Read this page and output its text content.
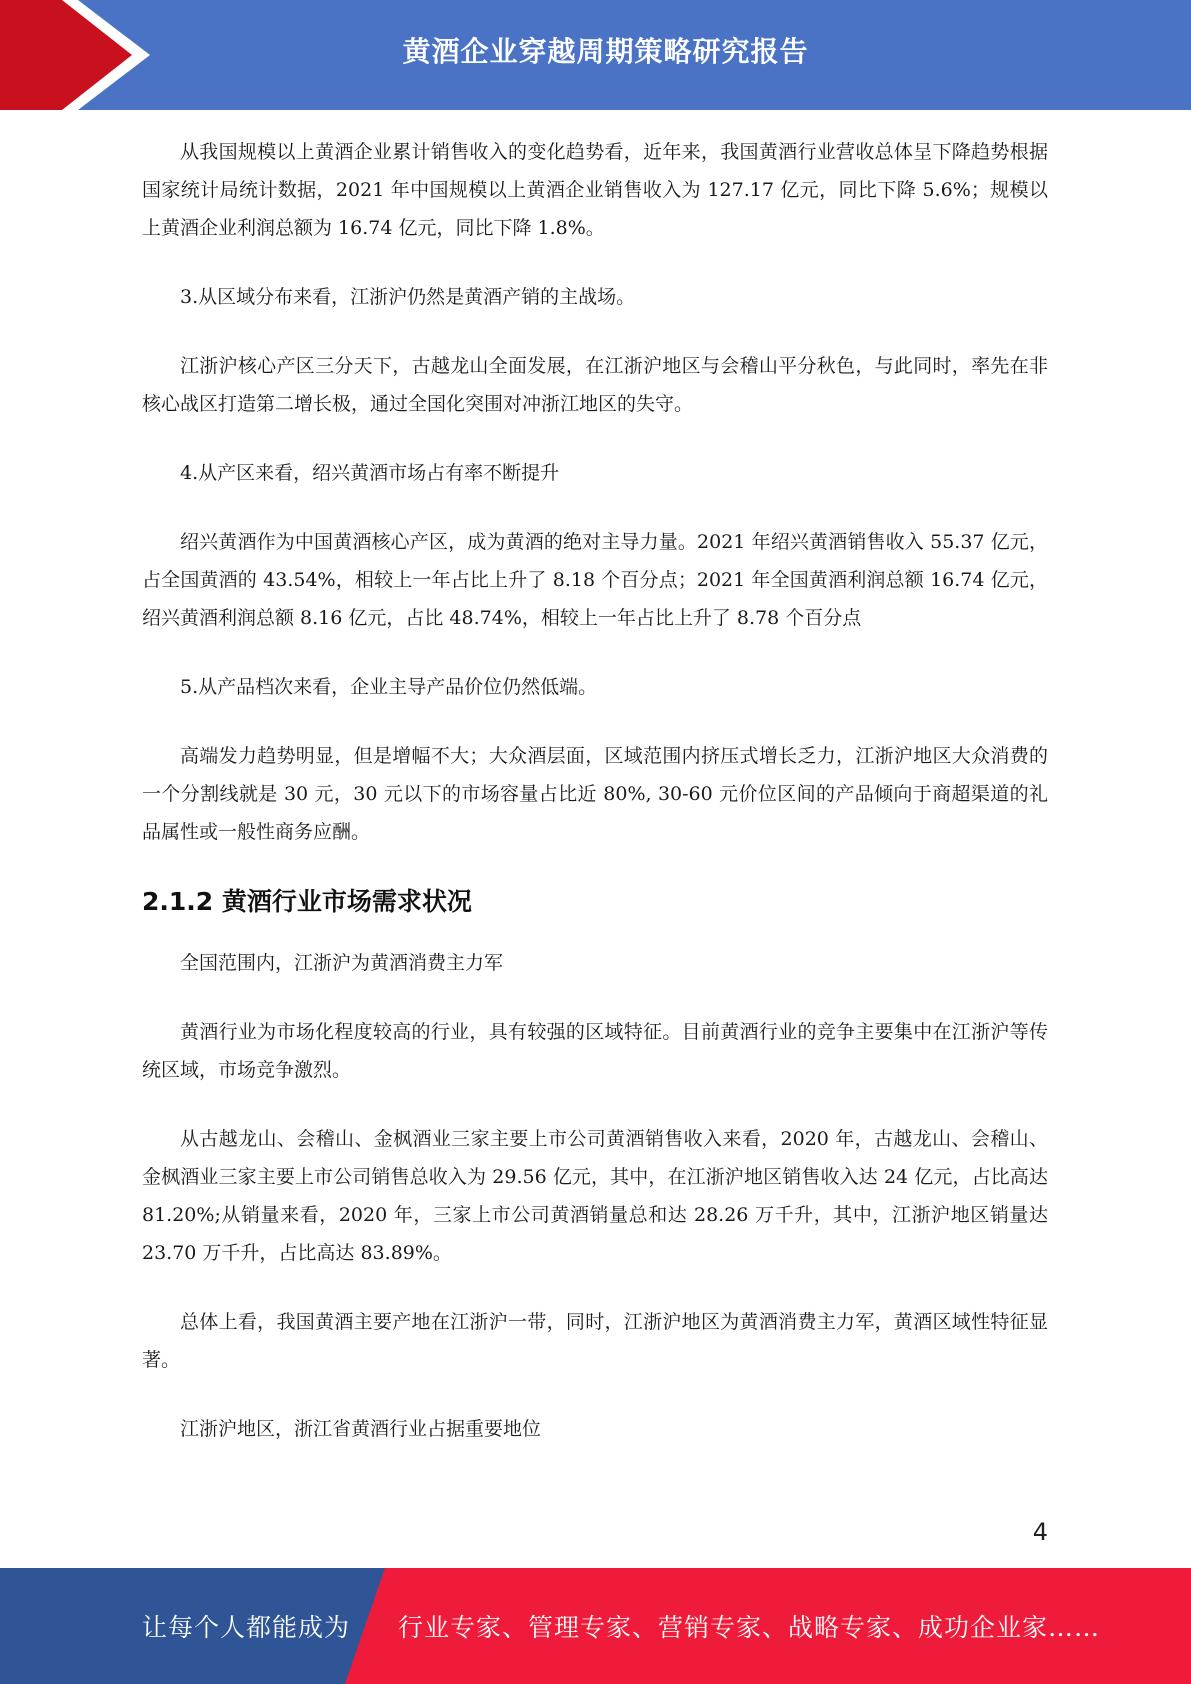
黄酒企业穿越周期策略研究报告

从我国规模以上黄酒企业累计销售收入的变化趋势看，近年来，我国黄酒行业营收总体呈下降趋势根据国家统计局统计数据，2021 年中国规模以上黄酒企业销售收入为 127.17 亿元，同比下降 5.6%；规模以上黄酒企业利润总额为 16.74 亿元，同比下降 1.8%。

3.从区域分布来看，江浙沪仍然是黄酒产销的主战场。

江浙沪核心产区三分天下，古越龙山全面发展，在江浙沪地区与会稽山平分秋色，与此同时，率先在非核心战区打造第二增长极，通过全国化突围对冲浙江地区的失守。

4.从产区来看，绍兴黄酒市场占有率不断提升

绍兴黄酒作为中国黄酒核心产区，成为黄酒的绝对主导力量。2021 年绍兴黄酒销售收入 55.37 亿元，占全国黄酒的 43.54%，相较上一年占比上升了 8.18 个百分点；2021 年全国黄酒利润总额 16.74 亿元，绍兴黄酒利润总额 8.16 亿元，占比 48.74%，相较上一年占比上升了 8.78 个百分点

5.从产品档次来看，企业主导产品价位仍然低端。

高端发力趋势明显，但是增幅不大；大众酒层面，区域范围内挤压式增长乏力，江浙沪地区大众消费的一个分割线就是 30 元，30 元以下的市场容量占比近 80%, 30-60 元价位区间的产品倾向于商超渠道的礼品属性或一般性商务应酬。

2.1.2 黄酒行业市场需求状况

全国范围内，江浙沪为黄酒消费主力军

黄酒行业为市场化程度较高的行业，具有较强的区域特征。目前黄酒行业的竞争主要集中在江浙沪等传统区域，市场竞争激烈。

从古越龙山、会稽山、金枫酒业三家主要上市公司黄酒销售收入来看，2020 年，古越龙山、会稽山、金枫酒业三家主要上市公司销售总收入为 29.56 亿元，其中，在江浙沪地区销售收入达 24 亿元，占比高达 81.20%;从销量来看，2020 年，三家上市公司黄酒销量总和达 28.26 万千升，其中，江浙沪地区销量达 23.70 万千升，占比高达 83.89%。

总体上看，我国黄酒主要产地在江浙沪一带，同时，江浙沪地区为黄酒消费主力军，黄酒区域性特征显著。

江浙沪地区，浙江省黄酒行业占据重要地位

4
让每个人都能成为 行业专家、管理专家、营销专家、战略专家、成功企业家……
